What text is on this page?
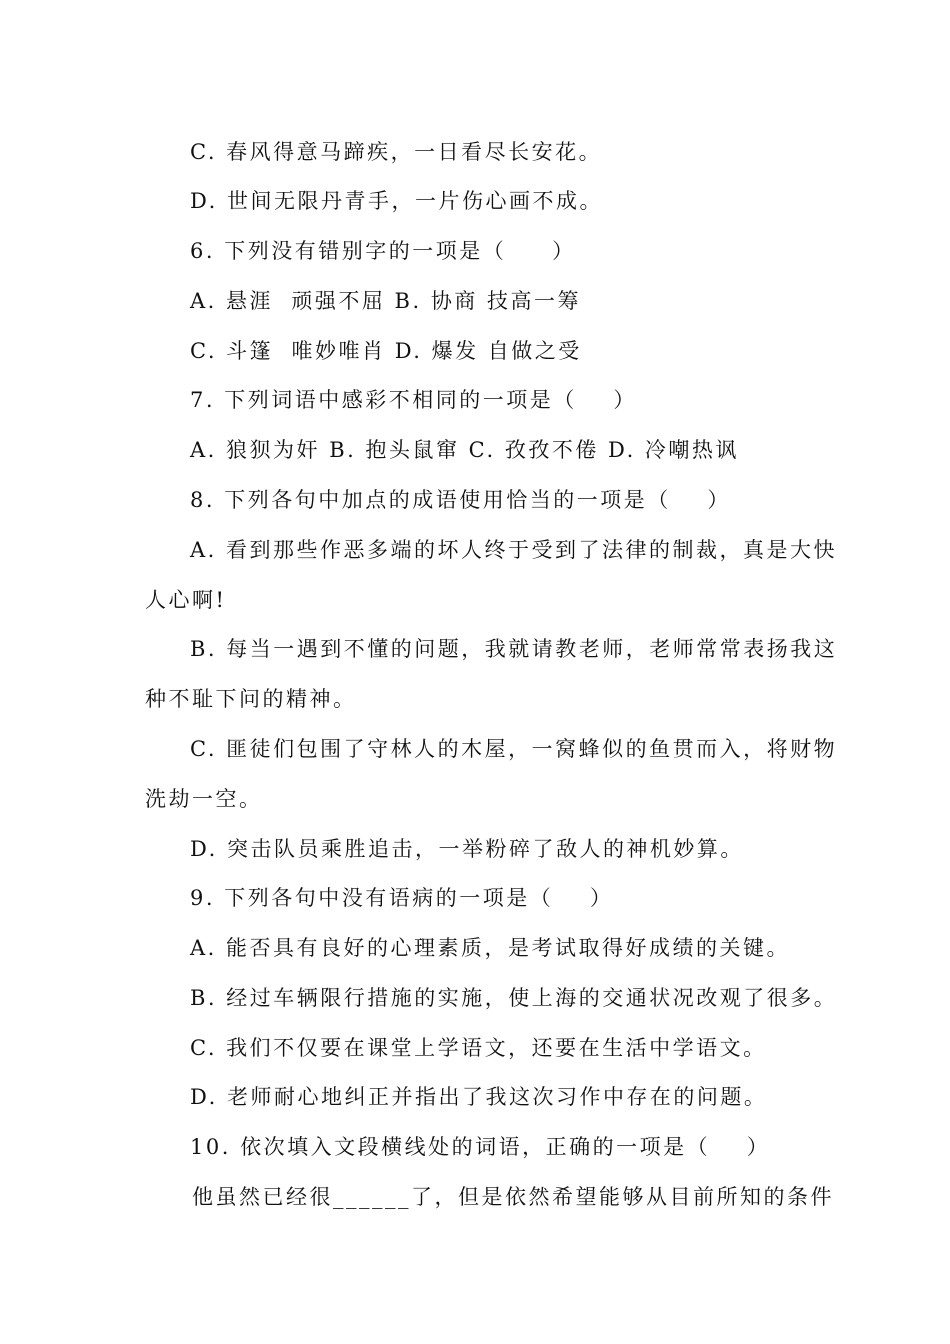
C. 春风得意马蹄疾，一日看尽长安花。
D. 世间无限丹青手，一片伤心画不成。
6. 下列没有错别字的一项是（     ）
A. 悬涯  顽强不屈 B. 协商 技高一筹
C. 斗篷  唯妙唯肖 D. 爆发 自做之受
7. 下列词语中感彩不相同的一项是（    ）
A. 狼狈为奸 B. 抱头鼠窜 C. 孜孜不倦 D. 冷嘲热讽
8. 下列各句中加点的成语使用恰当的一项是（    ）
A. 看到那些作恶多端的坏人终于受到了法律的制裁，真是大快
人心啊!
B. 每当一遇到不懂的问题，我就请教老师，老师常常表扬我这
种不耻下问的精神。
C. 匪徒们包围了守林人的木屋，一窝蜂似的鱼贯而入，将财物
洗劫一空。
D. 突击队员乘胜追击，一举粉碎了敌人的神机妙算。
9. 下列各句中没有语病的一项是（    ）
A. 能否具有良好的心理素质，是考试取得好成绩的关键。
B. 经过车辆限行措施的实施，使上海的交通状况改观了很多。
C. 我们不仅要在课堂上学语文，还要在生活中学语文。
D. 老师耐心地纠正并指出了我这次习作中存在的问题。
10. 依次填入文段横线处的词语，正确的一项是（    ）
他虽然已经很______了，但是依然希望能够从目前所知的条件
